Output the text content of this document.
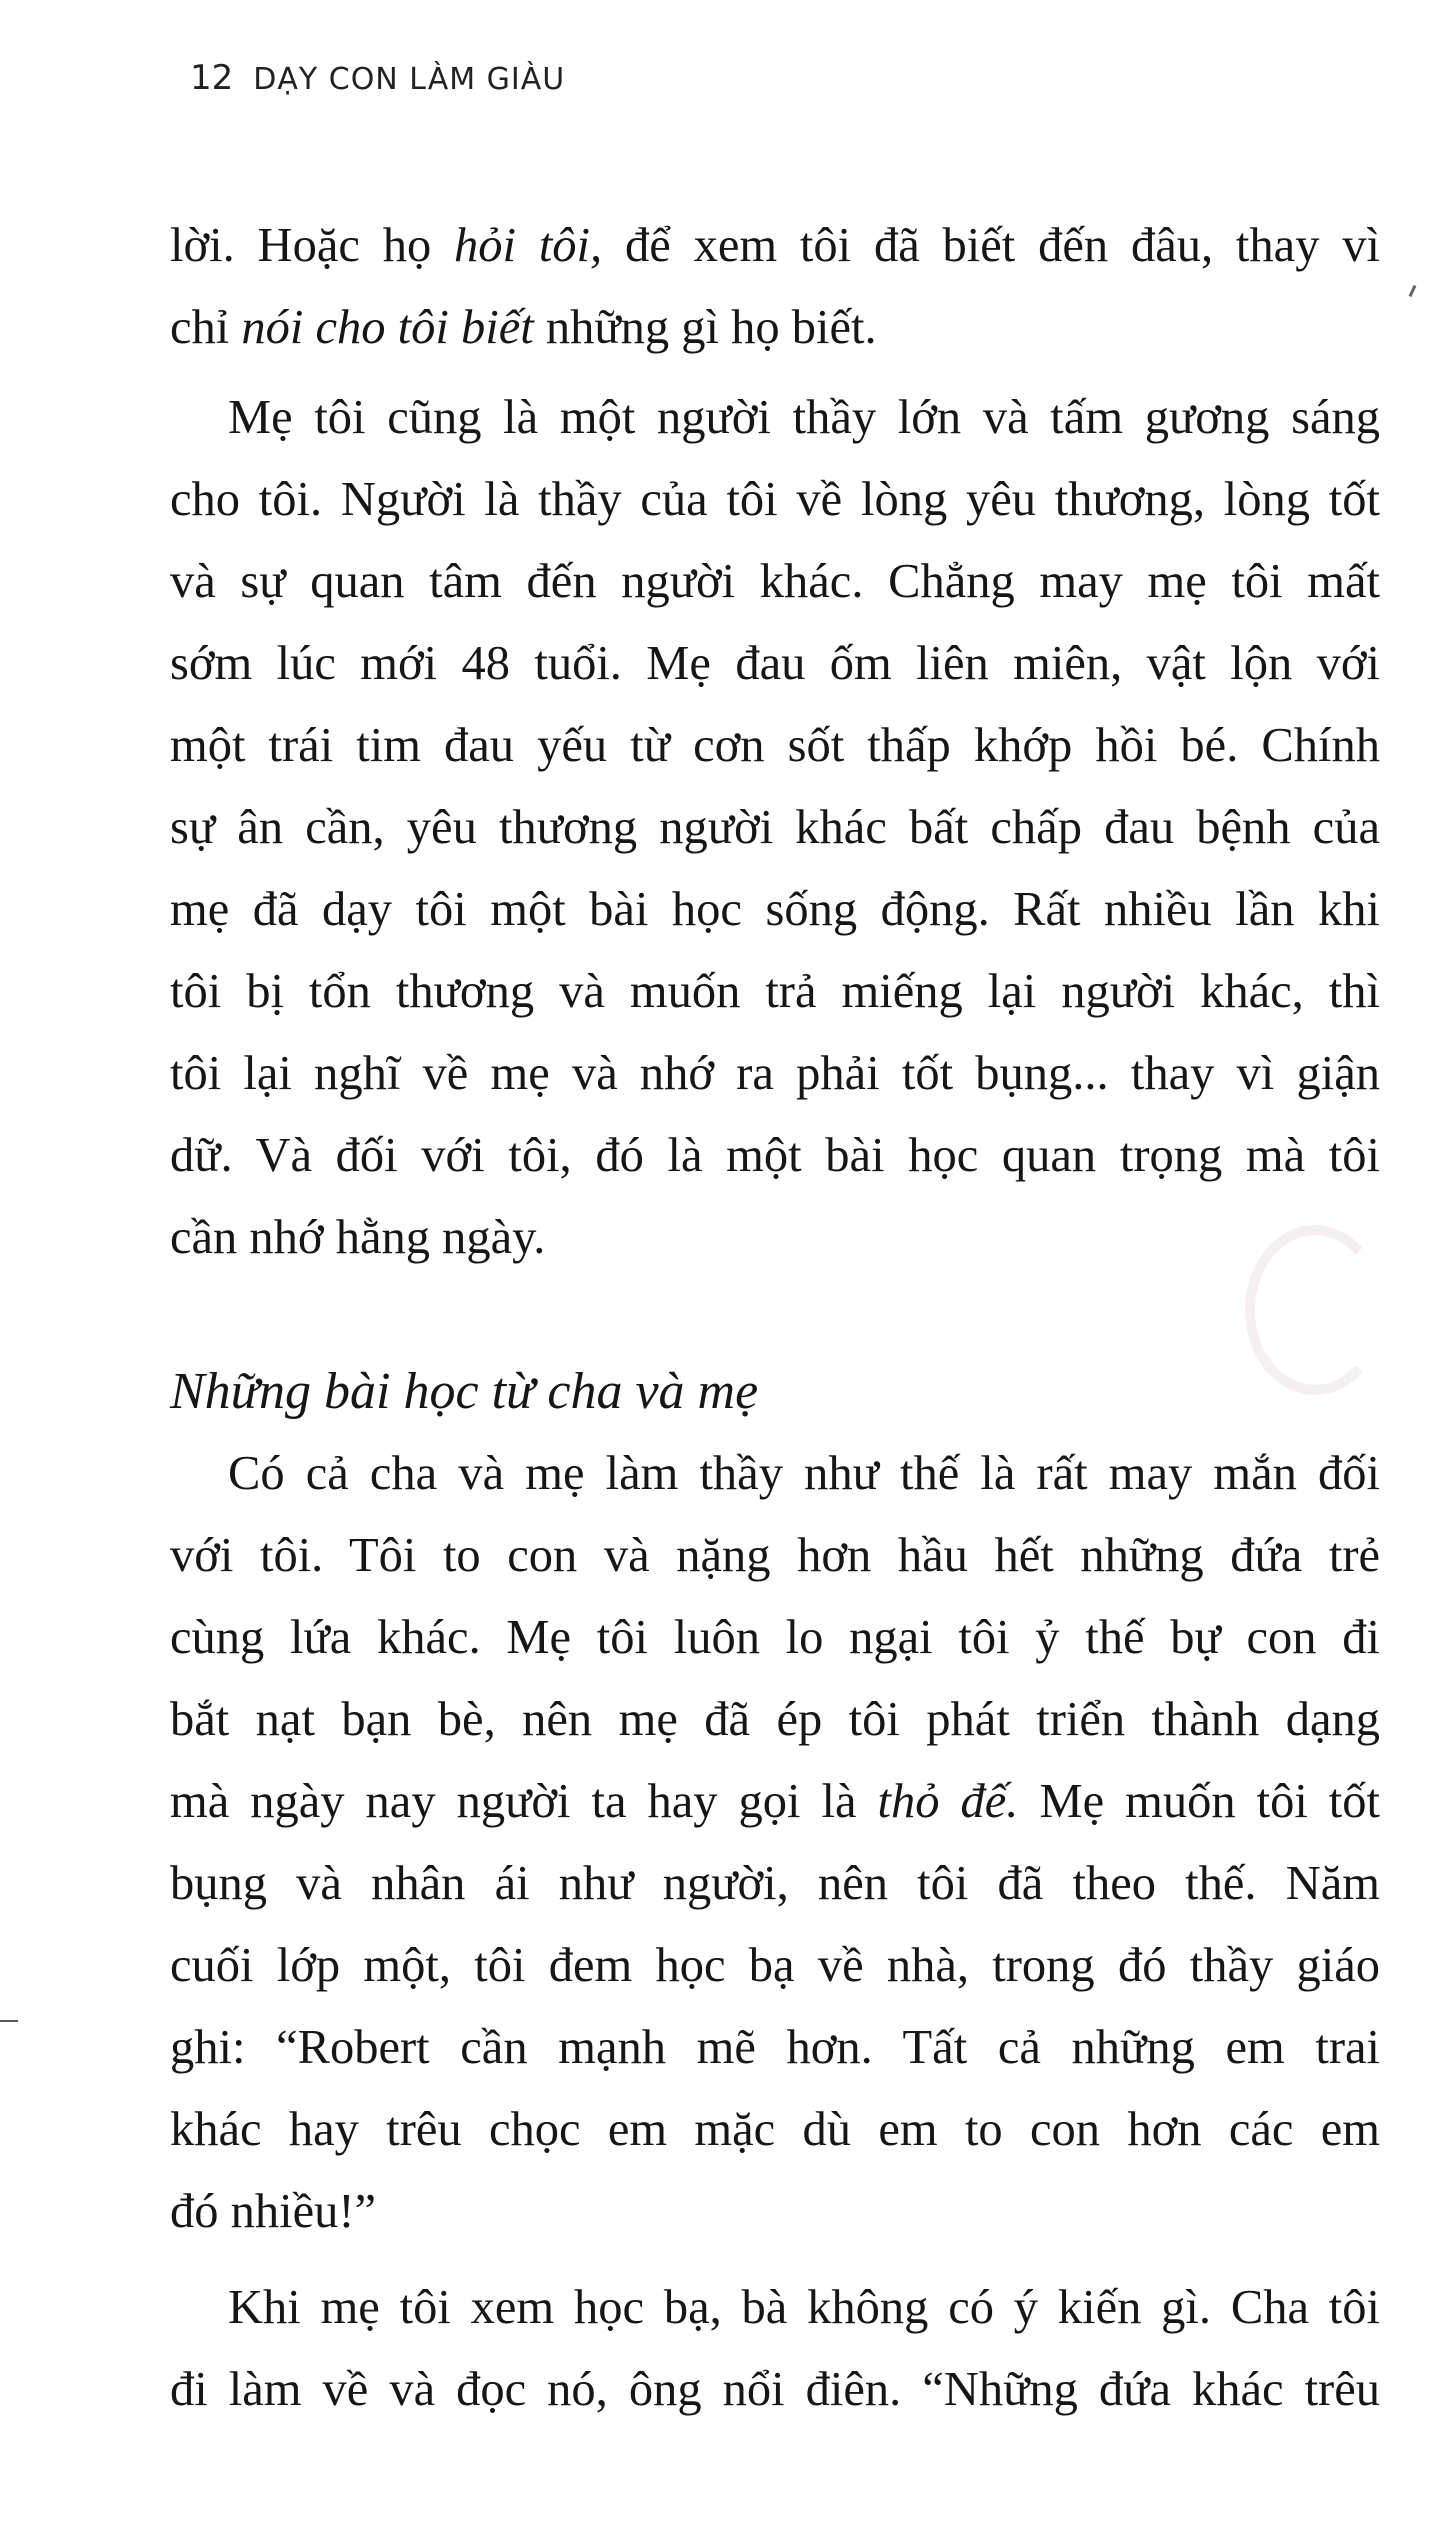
12 DẠY CON LÀM GIÀU
lời. Hoặc họ hỏi tôi, để xem tôi đã biết đến đâu, thay vì
chỉ nói cho tôi biết những gì họ biết.
Mẹ tôi cũng là một người thầy lớn và tấm gương sáng
cho tôi. Người là thầy của tôi về lòng yêu thương, lòng tốt
và sự quan tâm đến người khác. Chẳng may mẹ tôi mất
sớm lúc mới 48 tuổi. Mẹ đau ốm liên miên, vật lộn với
một trái tim đau yếu từ cơn sốt thấp khớp hồi bé. Chính
sự ân cần, yêu thương người khác bất chấp đau bệnh của
mẹ đã dạy tôi một bài học sống động. Rất nhiều lần khi
tôi bị tổn thương và muốn trả miếng lại người khác, thì
tôi lại nghĩ về mẹ và nhớ ra phải tốt bụng... thay vì giận
dữ. Và đối với tôi, đó là một bài học quan trọng mà tôi
cần nhớ hằng ngày.
Những bài học từ cha và mẹ
Có cả cha và mẹ làm thầy như thế là rất may mắn đối
với tôi. Tôi to con và nặng hơn hầu hết những đứa trẻ
cùng lứa khác. Mẹ tôi luôn lo ngại tôi ỷ thế bự con đi
bắt nạt bạn bè, nên mẹ đã ép tôi phát triển thành dạng
mà ngày nay người ta hay gọi là thỏ đế. Mẹ muốn tôi tốt
bụng và nhân ái như người, nên tôi đã theo thế. Năm
cuối lớp một, tôi đem học bạ về nhà, trong đó thầy giáo
ghi: “Robert cần mạnh mẽ hơn. Tất cả những em trai
khác hay trêu chọc em mặc dù em to con hơn các em
đó nhiều!”
Khi mẹ tôi xem học bạ, bà không có ý kiến gì. Cha tôi
đi làm về và đọc nó, ông nổi điên. “Những đứa khác trêu
